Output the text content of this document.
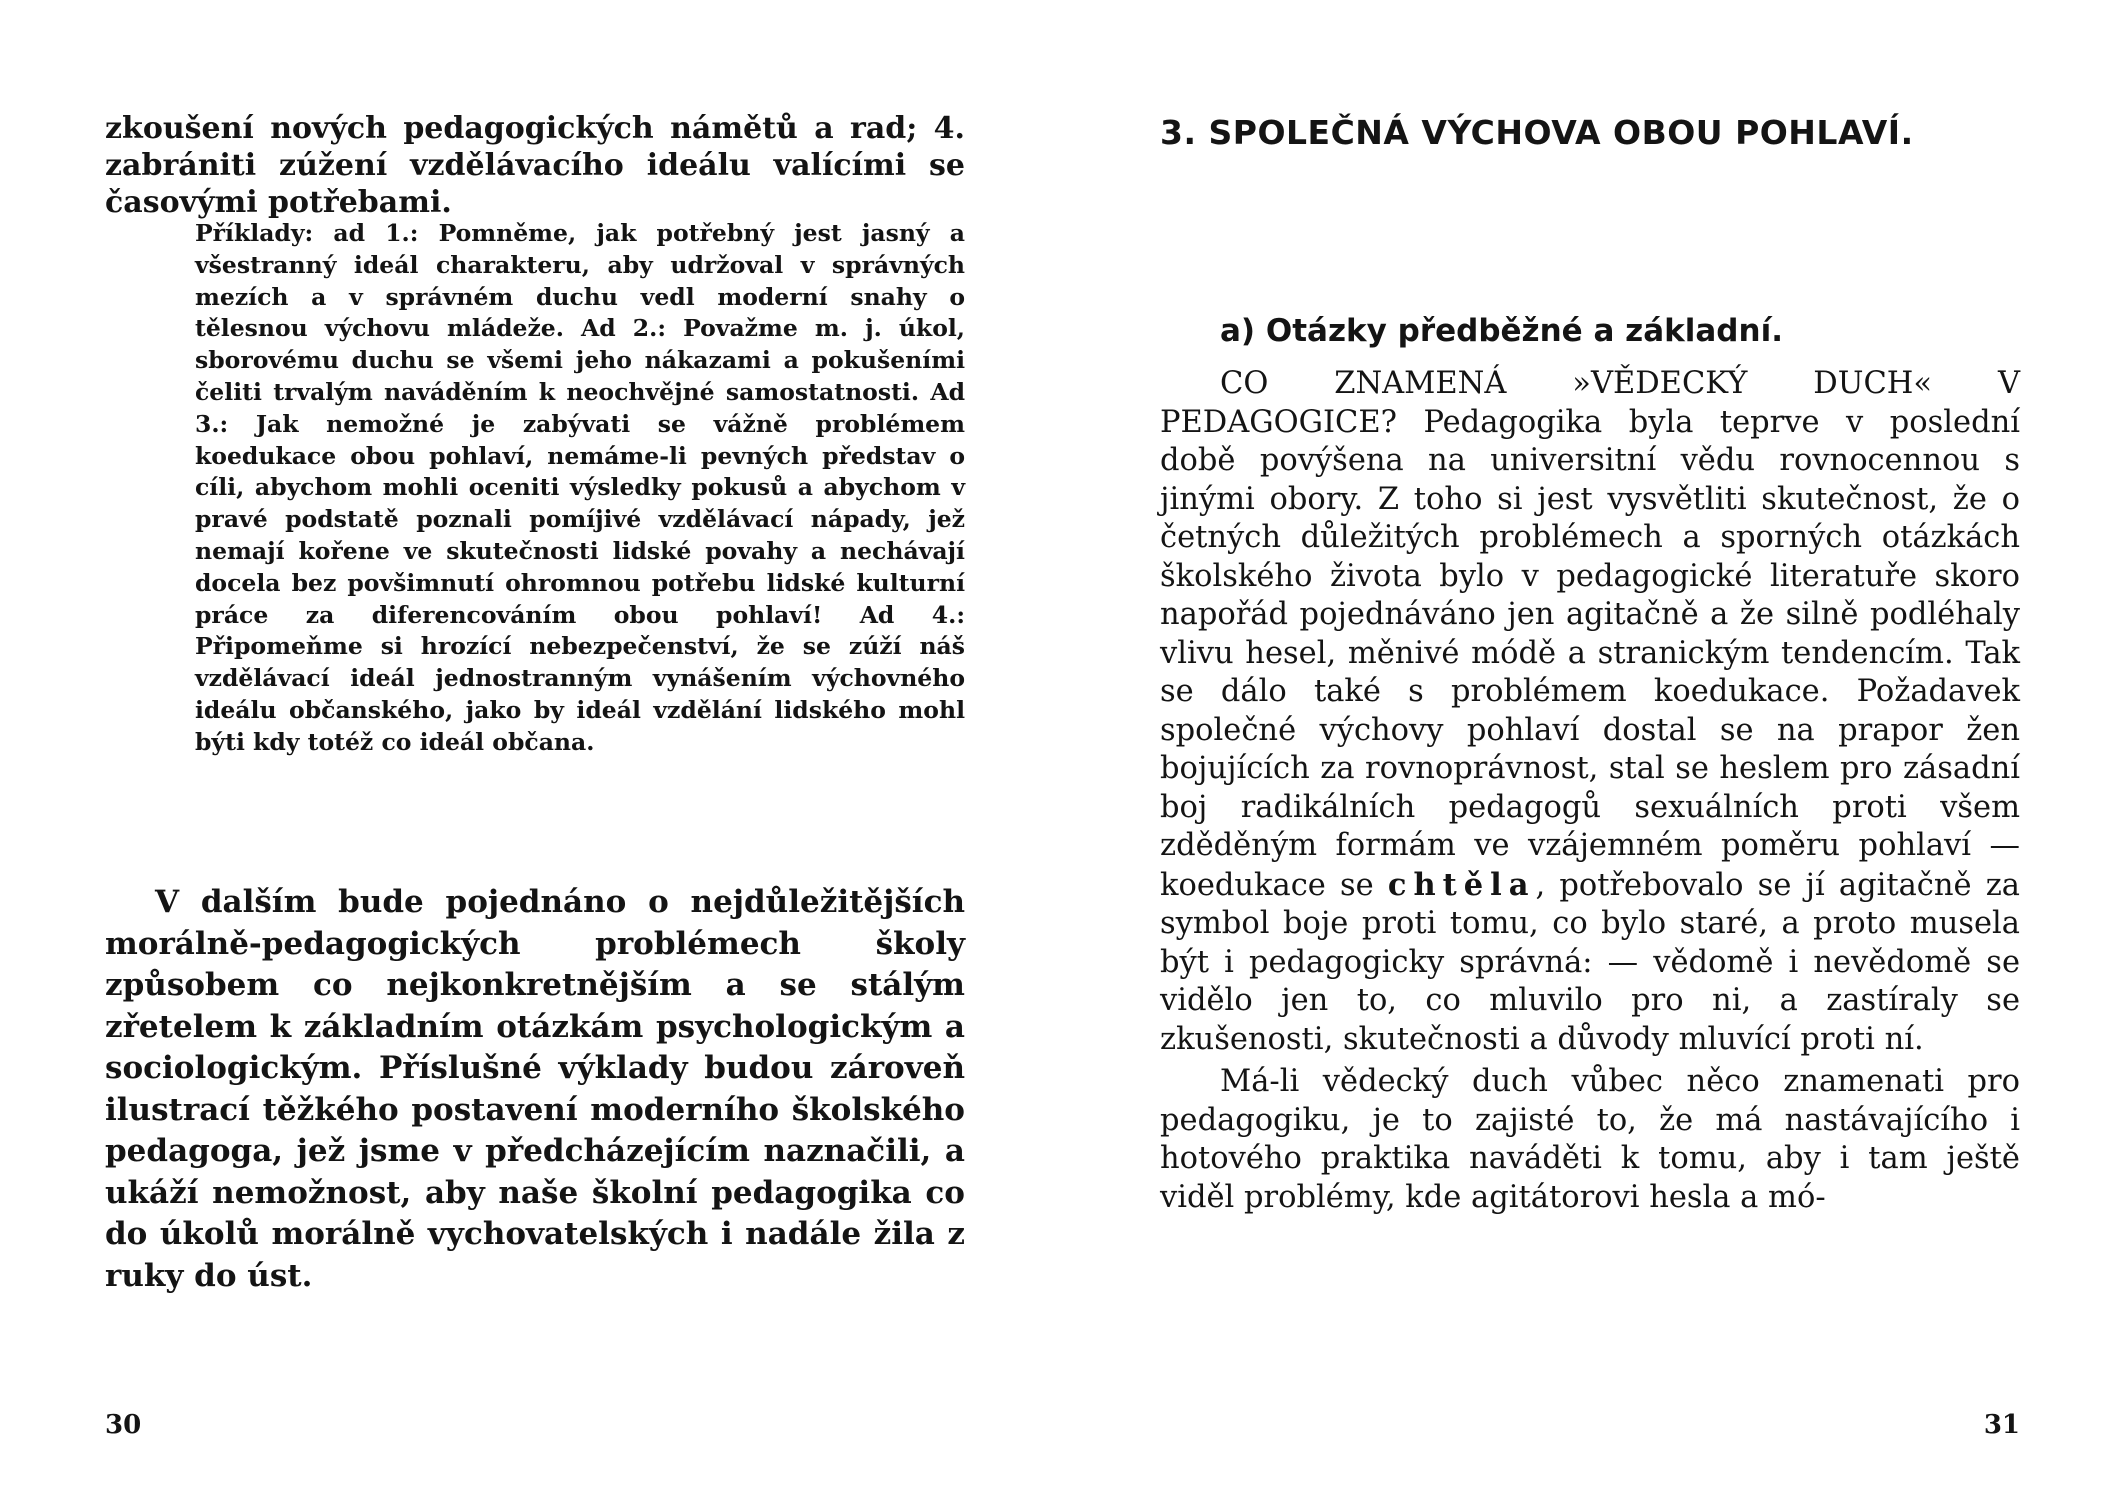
zkoušení nových pedagogických námětů a rad; 4. zabrániti zúžení vzdělávacího ideálu valícími se časovými potřebami.

Příklady: ad 1.: Pomněme, jak potřebný jest jasný a všestranný ideál charakteru, aby udržoval v správných mezích a v správném duchu vedl moderní snahy o tělesnou výchovu mládeže. Ad 2.: Považme m. j. úkol, sborovému duchu se všemi jeho nákazami a pokušeními čeliti trvalým naváděním k neochvějné samostatnosti. Ad 3.: Jak nemožné je zabývati se vážně problémem koedukace obou pohlaví, nemáme-li pevných představ o cíli, abychom mohli oceniti výsledky pokusů a abychom v pravé podstatě poznali pomíjivé vzdělávací nápady, jež nemají kořene ve skutečnosti lidské povahy a nechávají docela bez povšimnutí ohromnou potřebu lidské kulturní práce za diferencováním obou pohlaví! Ad 4.: Připomeňme si hrozící nebezpečenství, že se zúží náš vzdělávací ideál jednostranným vynášením výchovného ideálu občanského, jako by ideál vzdělání lidského mohl býti kdy totéž co ideál občana.

V dalším bude pojednáno o nejdůležitějších morálně-pedagogických problémech školy způsobem co nejkonkretnějším a se stálým zřetelem k základním otázkám psychologickým a sociologickým. Příslušné výklady budou zároveň ilustrací těžkého postavení moderního školského pedagoga, jež jsme v předcházejícím naznačili, a ukáží nemožnost, aby naše školní pedagogika co do úkolů morálně vychovatelských i nadále žila z ruky do úst.

30
3. SPOLEČNÁ VÝCHOVA OBOU POHLAVÍ.
a) Otázky předběžné a základní.

CO ZNAMENÁ »VĚDECKÝ DUCH« V PEDAGOGICE? Pedagogika byla teprve v poslední době povýšena na universitní vědu rovnocennou s jinými obory. Z toho si jest vysvětliti skutečnost, že o četných důležitých problémech a sporných otázkách školského života bylo v pedagogické literatuře skoro napořád pojednáváno jen agitačně a že silně podléhaly vlivu hesel, měnivé módě a stranickým tendencím. Tak se dálo také s problémem koedukace. Požadavek společné výchovy pohlaví dostal se na prapor žen bojujících za rovnoprávnost, stal se heslem pro zásadní boj radikálních pedagogů sexuálních proti všem zděděným formám ve vzájemném poměru pohlaví — koedukace se chtěla, potřebovalo se jí agitačně za symbol boje proti tomu, co bylo staré, a proto musela být i pedagogicky správná: — vědomě i nevědomě se vidělo jen to, co mluvilo pro ni, a zastíraly se zkušenosti, skutečnosti a důvody mluvící proti ní.

Má-li vědecký duch vůbec něco znamenati pro pedagogiku, je to zajisté to, že má nastávajícího i hotového praktika naváděti k tomu, aby i tam ještě viděl problémy, kde agitátorovi hesla a mó-

31
